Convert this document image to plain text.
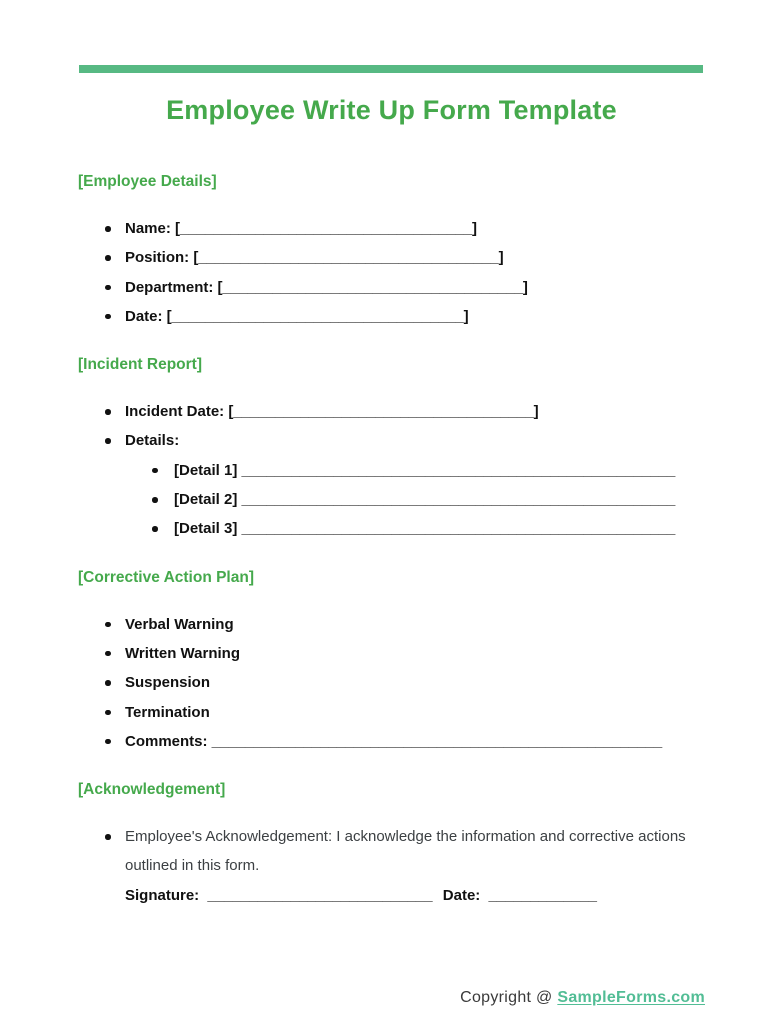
Employee Write Up Form Template
[Employee Details]
Name: [___________________________________]
Position: [____________________________________]
Department: [____________________________________]
Date: [___________________________________]
[Incident Report]
Incident Date: [____________________________________]
Details:
[Detail 1] ____________________________________________________
[Detail 2] ____________________________________________________
[Detail 3] ____________________________________________________
[Corrective Action Plan]
Verbal Warning
Written Warning
Suspension
Termination
Comments: ______________________________________________________
[Acknowledgement]
Employee's Acknowledgement: I acknowledge the information and corrective actions outlined in this form.
Signature: ___________________________ Date: _____________
Copyright @ SampleForms.com
